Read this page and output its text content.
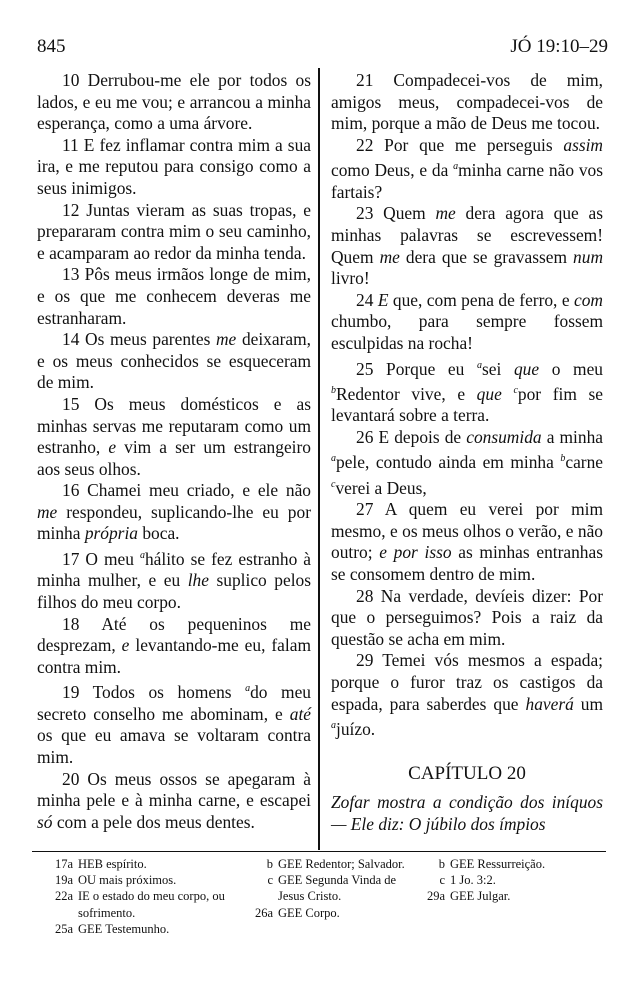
845	JÓ 19:10–29

10 Derrubou-me ele por todos os lados, e eu me vou; e arrancou a minha esperança, como a uma árvore.

11 E fez inflamar contra mim a sua ira, e me reputou para consigo como a seus inimigos.

12 Juntas vieram as suas tropas, e prepararam contra mim o seu caminho, e acamparam ao redor da minha tenda.

13 Pôs meus irmãos longe de mim, e os que me conhecem deveras me estranharam.

14 Os meus parentes me deixaram, e os meus conhecidos se esqueceram de mim.

15 Os meus domésticos e as minhas servas me reputaram como um estranho, e vim a ser um estrangeiro aos seus olhos.

16 Chamei meu criado, e ele não me respondeu, suplicando-lhe eu por minha própria boca.

17 O meu $^a$hálito se fez estranho à minha mulher, e eu lhe suplico pelos filhos do meu corpo.

18 Até os pequeninos me desprezam, e levantando-me eu, falam contra mim.

19 Todos os homens $^a$do meu secreto conselho me abominam, e até os que eu amava se voltaram contra mim.

20 Os meus ossos se apegaram à minha pele e à minha carne, e escapei só com a pele dos meus dentes.

21 Compadecei-vos de mim, amigos meus, compadecei-vos de mim, porque a mão de Deus me tocou.

22 Por que me perseguis assim como Deus, e da $^a$minha carne não vos fartais?

23 Quem me dera agora que as minhas palavras se escrevessem! Quem me dera que se gravassem num livro!

24 E que, com pena de ferro, e com chumbo, para sempre fossem esculpidas na rocha!

25 Porque eu $^a$sei que o meu $^b$Redentor vive, e que $^c$por fim se levantará sobre a terra.

26 E depois de consumida a minha $^a$pele, contudo ainda em minha $^b$carne $^c$verei a Deus,

27 A quem eu verei por mim mesmo, e os meus olhos o verão, e não outro; e por isso as minhas entranhas se consomem dentro de mim.

28 Na verdade, devíeis dizer: Por que o perseguimos? Pois a raiz da questão se acha em mim.

29 Temei vós mesmos a espada; porque o furor traz os castigos da espada, para saberdes que haverá um $^a$juízo.

CAPÍTULO 20

Zofar mostra a condição dos iníquos — Ele diz: O júbilo dos ímpios

17a HEB espírito.
19a OU mais próximos.
22a IE o estado do meu corpo, ou sofrimento.
25a GEE Testemunho.
b GEE Redentor; Salvador.
c GEE Segunda Vinda de Jesus Cristo.
26a GEE Corpo.
b GEE Ressurreição.
c 1 Jo. 3:2.
29a GEE Julgar.
